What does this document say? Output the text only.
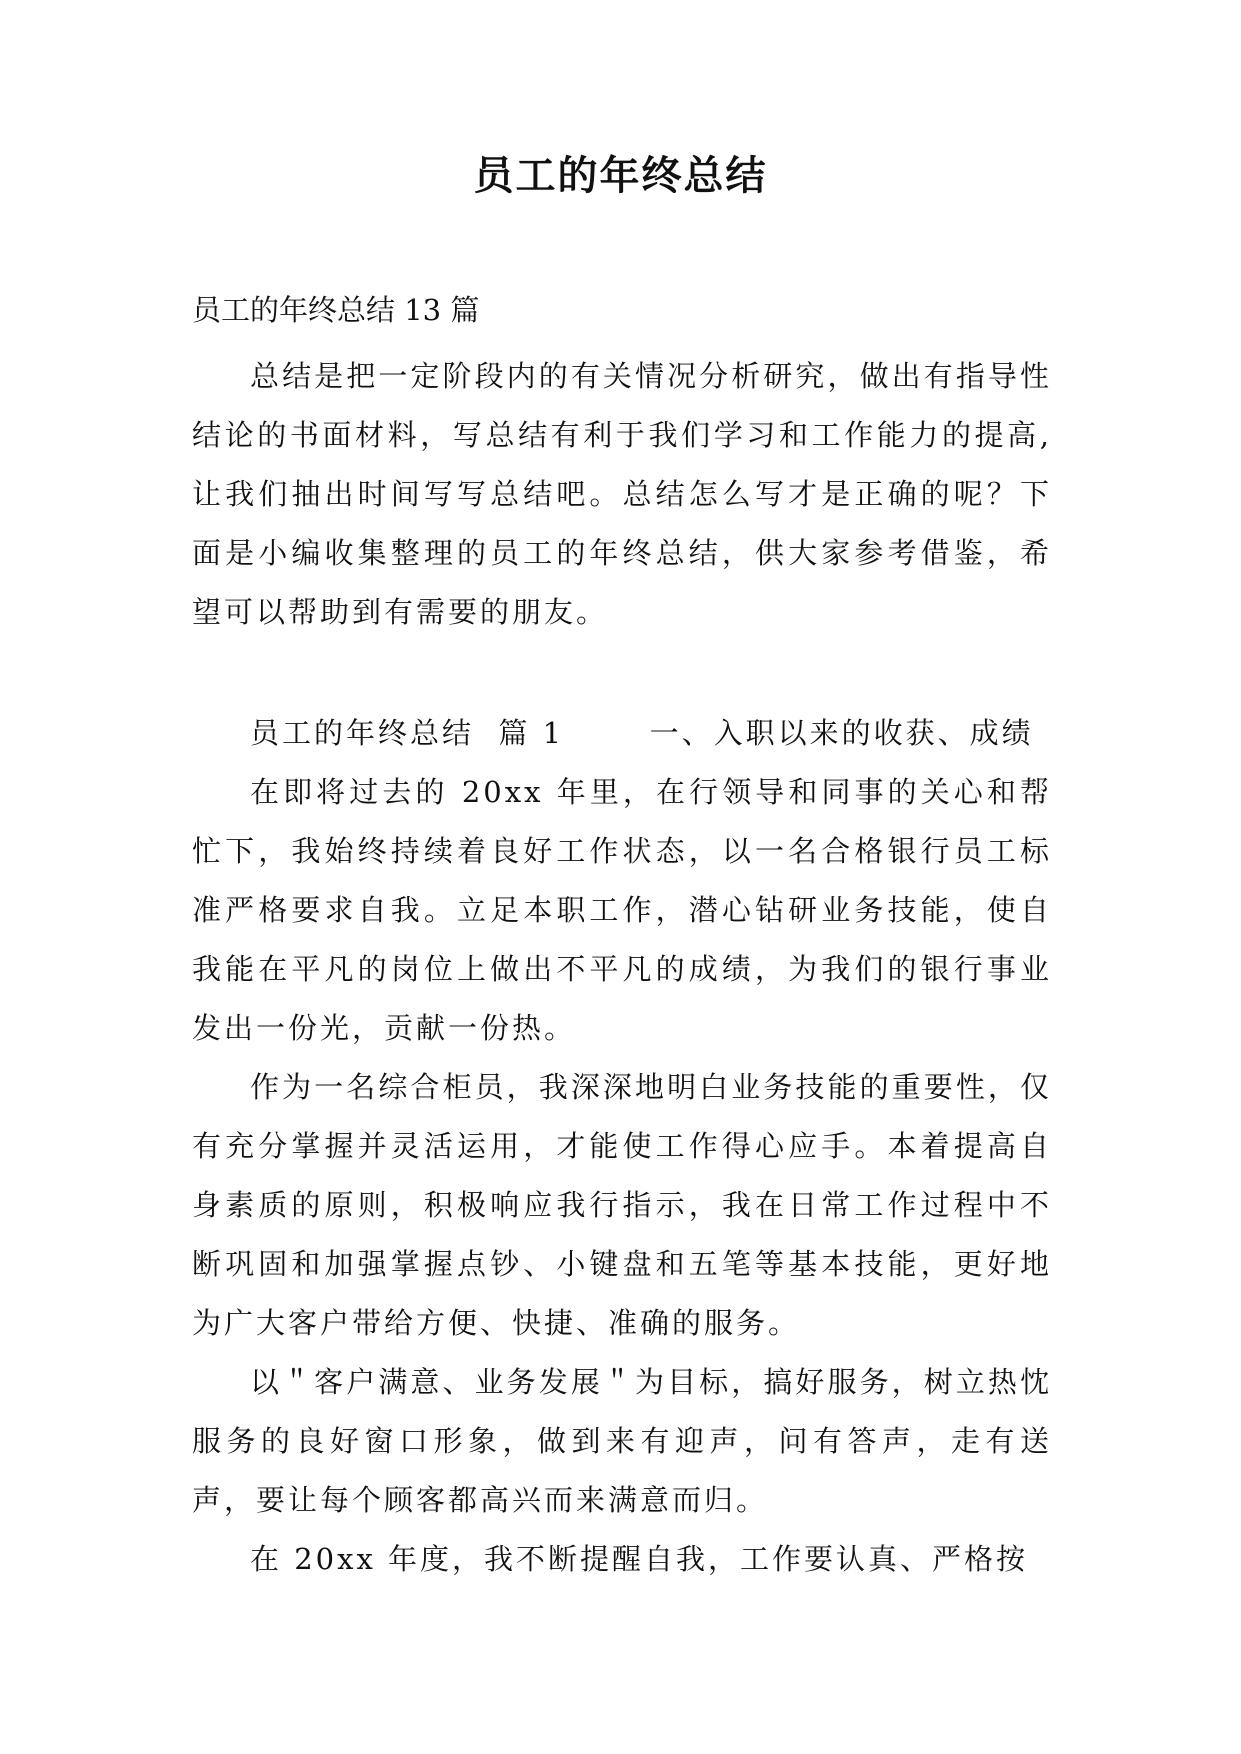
员工的年终总结
员工的年终总结 13 篇

总结是把一定阶段内的有关情况分析研究，做出有指导性结论的书面材料，写总结有利于我们学习和工作能力的提高,让我们抽出时间写写总结吧。总结怎么写才是正确的呢？下面是小编收集整理的员工的年终总结，供大家参考借鉴，希望可以帮助到有需要的朋友。

员工的年终总结  篇 1       一、入职以来的收获、成绩

在即将过去的 20xx 年里，在行领导和同事的关心和帮忙下，我始终持续着良好工作状态，以一名合格银行员工标准严格要求自我。立足本职工作，潜心钻研业务技能，使自我能在平凡的岗位上做出不平凡的成绩，为我们的银行事业发出一份光，贡献一份热。

作为一名综合柜员，我深深地明白业务技能的重要性，仅有充分掌握并灵活运用，才能使工作得心应手。本着提高自身素质的原则，积极响应我行指示，我在日常工作过程中不断巩固和加强掌握点钞、小键盘和五笔等基本技能，更好地为广大客户带给方便、快捷、准确的服务。

以＂客户满意、业务发展＂为目标，搞好服务，树立热忱服务的良好窗口形象，做到来有迎声，问有答声，走有送声，要让每个顾客都高兴而来满意而归。

在 20xx 年度，我不断提醒自我，工作要认真、严格按
